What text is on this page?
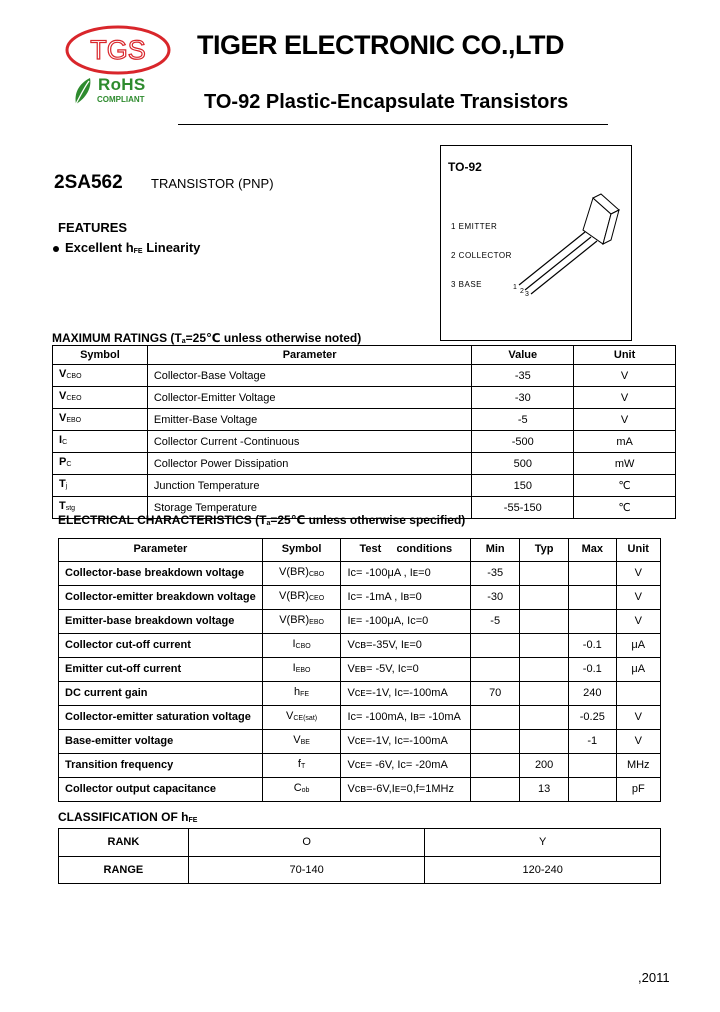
TGS
RoHS
COMPLIANT
TIGER ELECTRONIC CO.,LTD
TO-92 Plastic-Encapsulate Transistors
2SA562 TRANSISTOR (PNP)
FEATURES
Excellent $h_{FE}$ Linearity
TO-92
1 EMITTER
2 COLLECTOR
3 BASE	1
2 3
MAXIMUM RATINGS ($T_a=25℃$ unless otherwise noted)
Symbol	Parameter	Value	Unit
$V_{CBO}$	Collector-Base Voltage	-35	V
$V_{CEO}$	Collector-Emitter Voltage	-30	V
$V_{EBO}$	Emitter-Base Voltage	-5	V
$I_C$	Collector Current -Continuous	-500	mA
$P_C$	Collector Power Dissipation	500	mW
$T_j$	Junction Temperature	150	℃
$T_{stg}$	Storage Temperature	-55-150	℃
ELECTRICAL CHARACTERISTICS ($T_a=25℃$ unless otherwise specified)
Parameter	Symbol	Test     conditions	Min	Typ	Max	Unit
Collector-base breakdown voltage	$V(BR)_{CBO}$	Iс= -100μA , Iᴇ=0	-35			V
Collector-emitter breakdown voltage	$V(BR)_{CEO}$	Iс= -1mA , Iʙ=0	-30			V
Emitter-base breakdown voltage	$V(BR)_{EBO}$	Iᴇ= -100μA, Iс=0	-5			V
Collector cut-off current	$I_{CBO}$	Vᴄʙ=-35V, Iᴇ=0			-0.1	μA
Emitter cut-off current	$I_{EBO}$	Vᴇʙ= -5V, Iс=0			-0.1	μA
DC current gain	$h_{FE}$	Vᴄᴇ=-1V, Iс=-100mA	70		240	
Collector-emitter saturation voltage	$V_{CE(sat)}$	Iс= -100mA, Iʙ= -10mA			-0.25	V
Base-emitter voltage	$V_{BE}$	Vᴄᴇ=-1V, Iс=-100mA			-1	V
Transition frequency	$f_T$	Vᴄᴇ= -6V, Iс= -20mA		200		MHz
Collector output capacitance	$C_{ob}$	Vᴄʙ=-6V,Iᴇ=0,f=1MHz		13		pF
CLASSIFICATION OF $h_{FE}$
RANK	O	Y
RANGE	70-140	120-240
,2011
